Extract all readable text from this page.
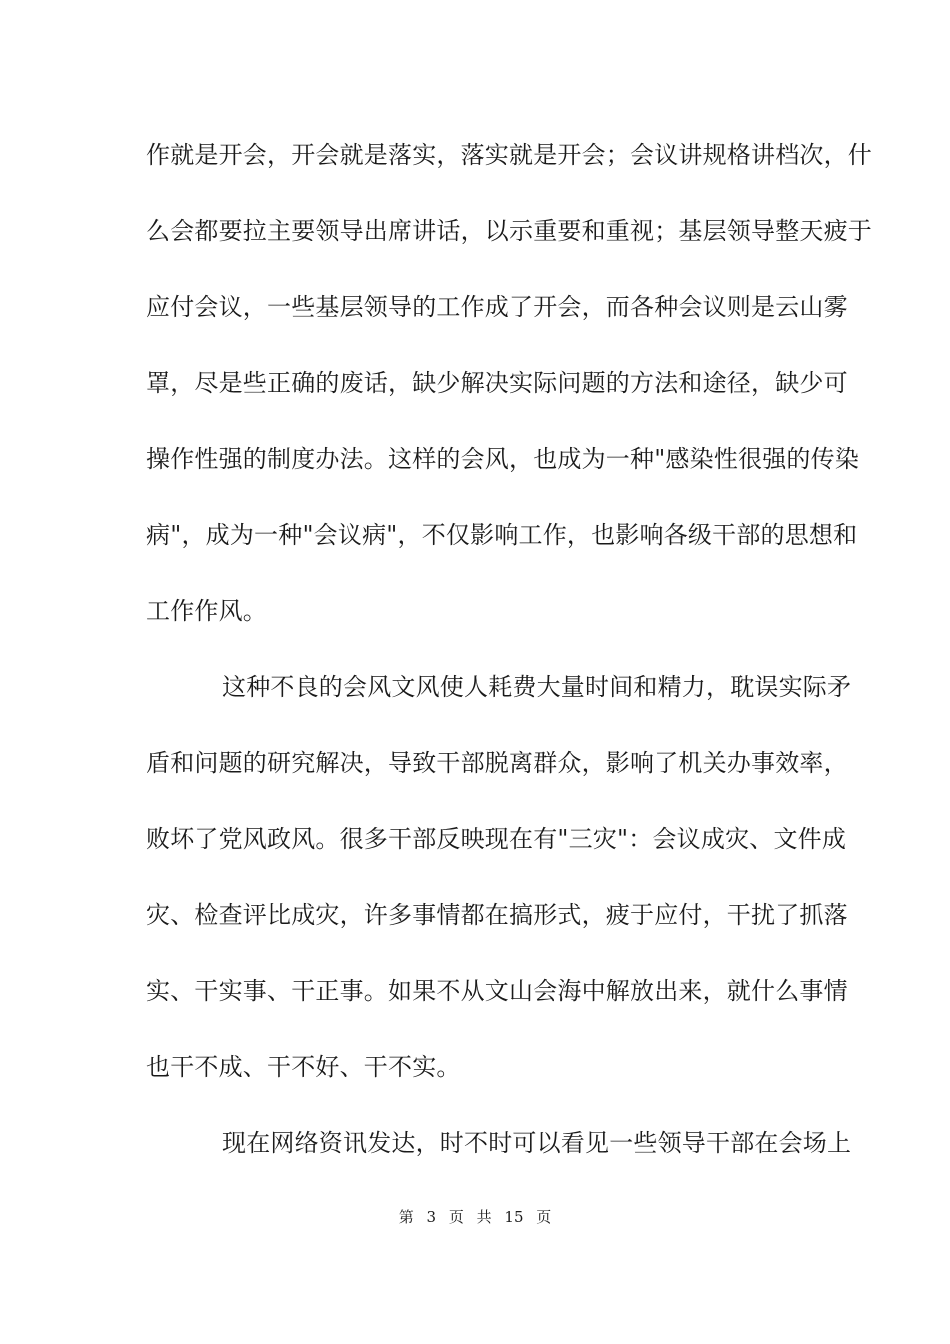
作就是开会，开会就是落实，落实就是开会；会议讲规格讲档次，什
么会都要拉主要领导出席讲话，以示重要和重视；基层领导整天疲于
应付会议，一些基层领导的工作成了开会，而各种会议则是云山雾
罩，尽是些正确的废话，缺少解决实际问题的方法和途径，缺少可
操作性强的制度办法。这样的会风，也成为一种"感染性很强的传染
病"，成为一种"会议病"，不仅影响工作，也影响各级干部的思想和
工作作风。
这种不良的会风文风使人耗费大量时间和精力，耽误实际矛
盾和问题的研究解决，导致干部脱离群众，影响了机关办事效率，
败坏了党风政风。很多干部反映现在有"三灾"：会议成灾、文件成
灾、检查评比成灾，许多事情都在搞形式，疲于应付，干扰了抓落
实、干实事、干正事。如果不从文山会海中解放出来，就什么事情
也干不成、干不好、干不实。
现在网络资讯发达，时不时可以看见一些领导干部在会场上
第 3 页 共 15 页
